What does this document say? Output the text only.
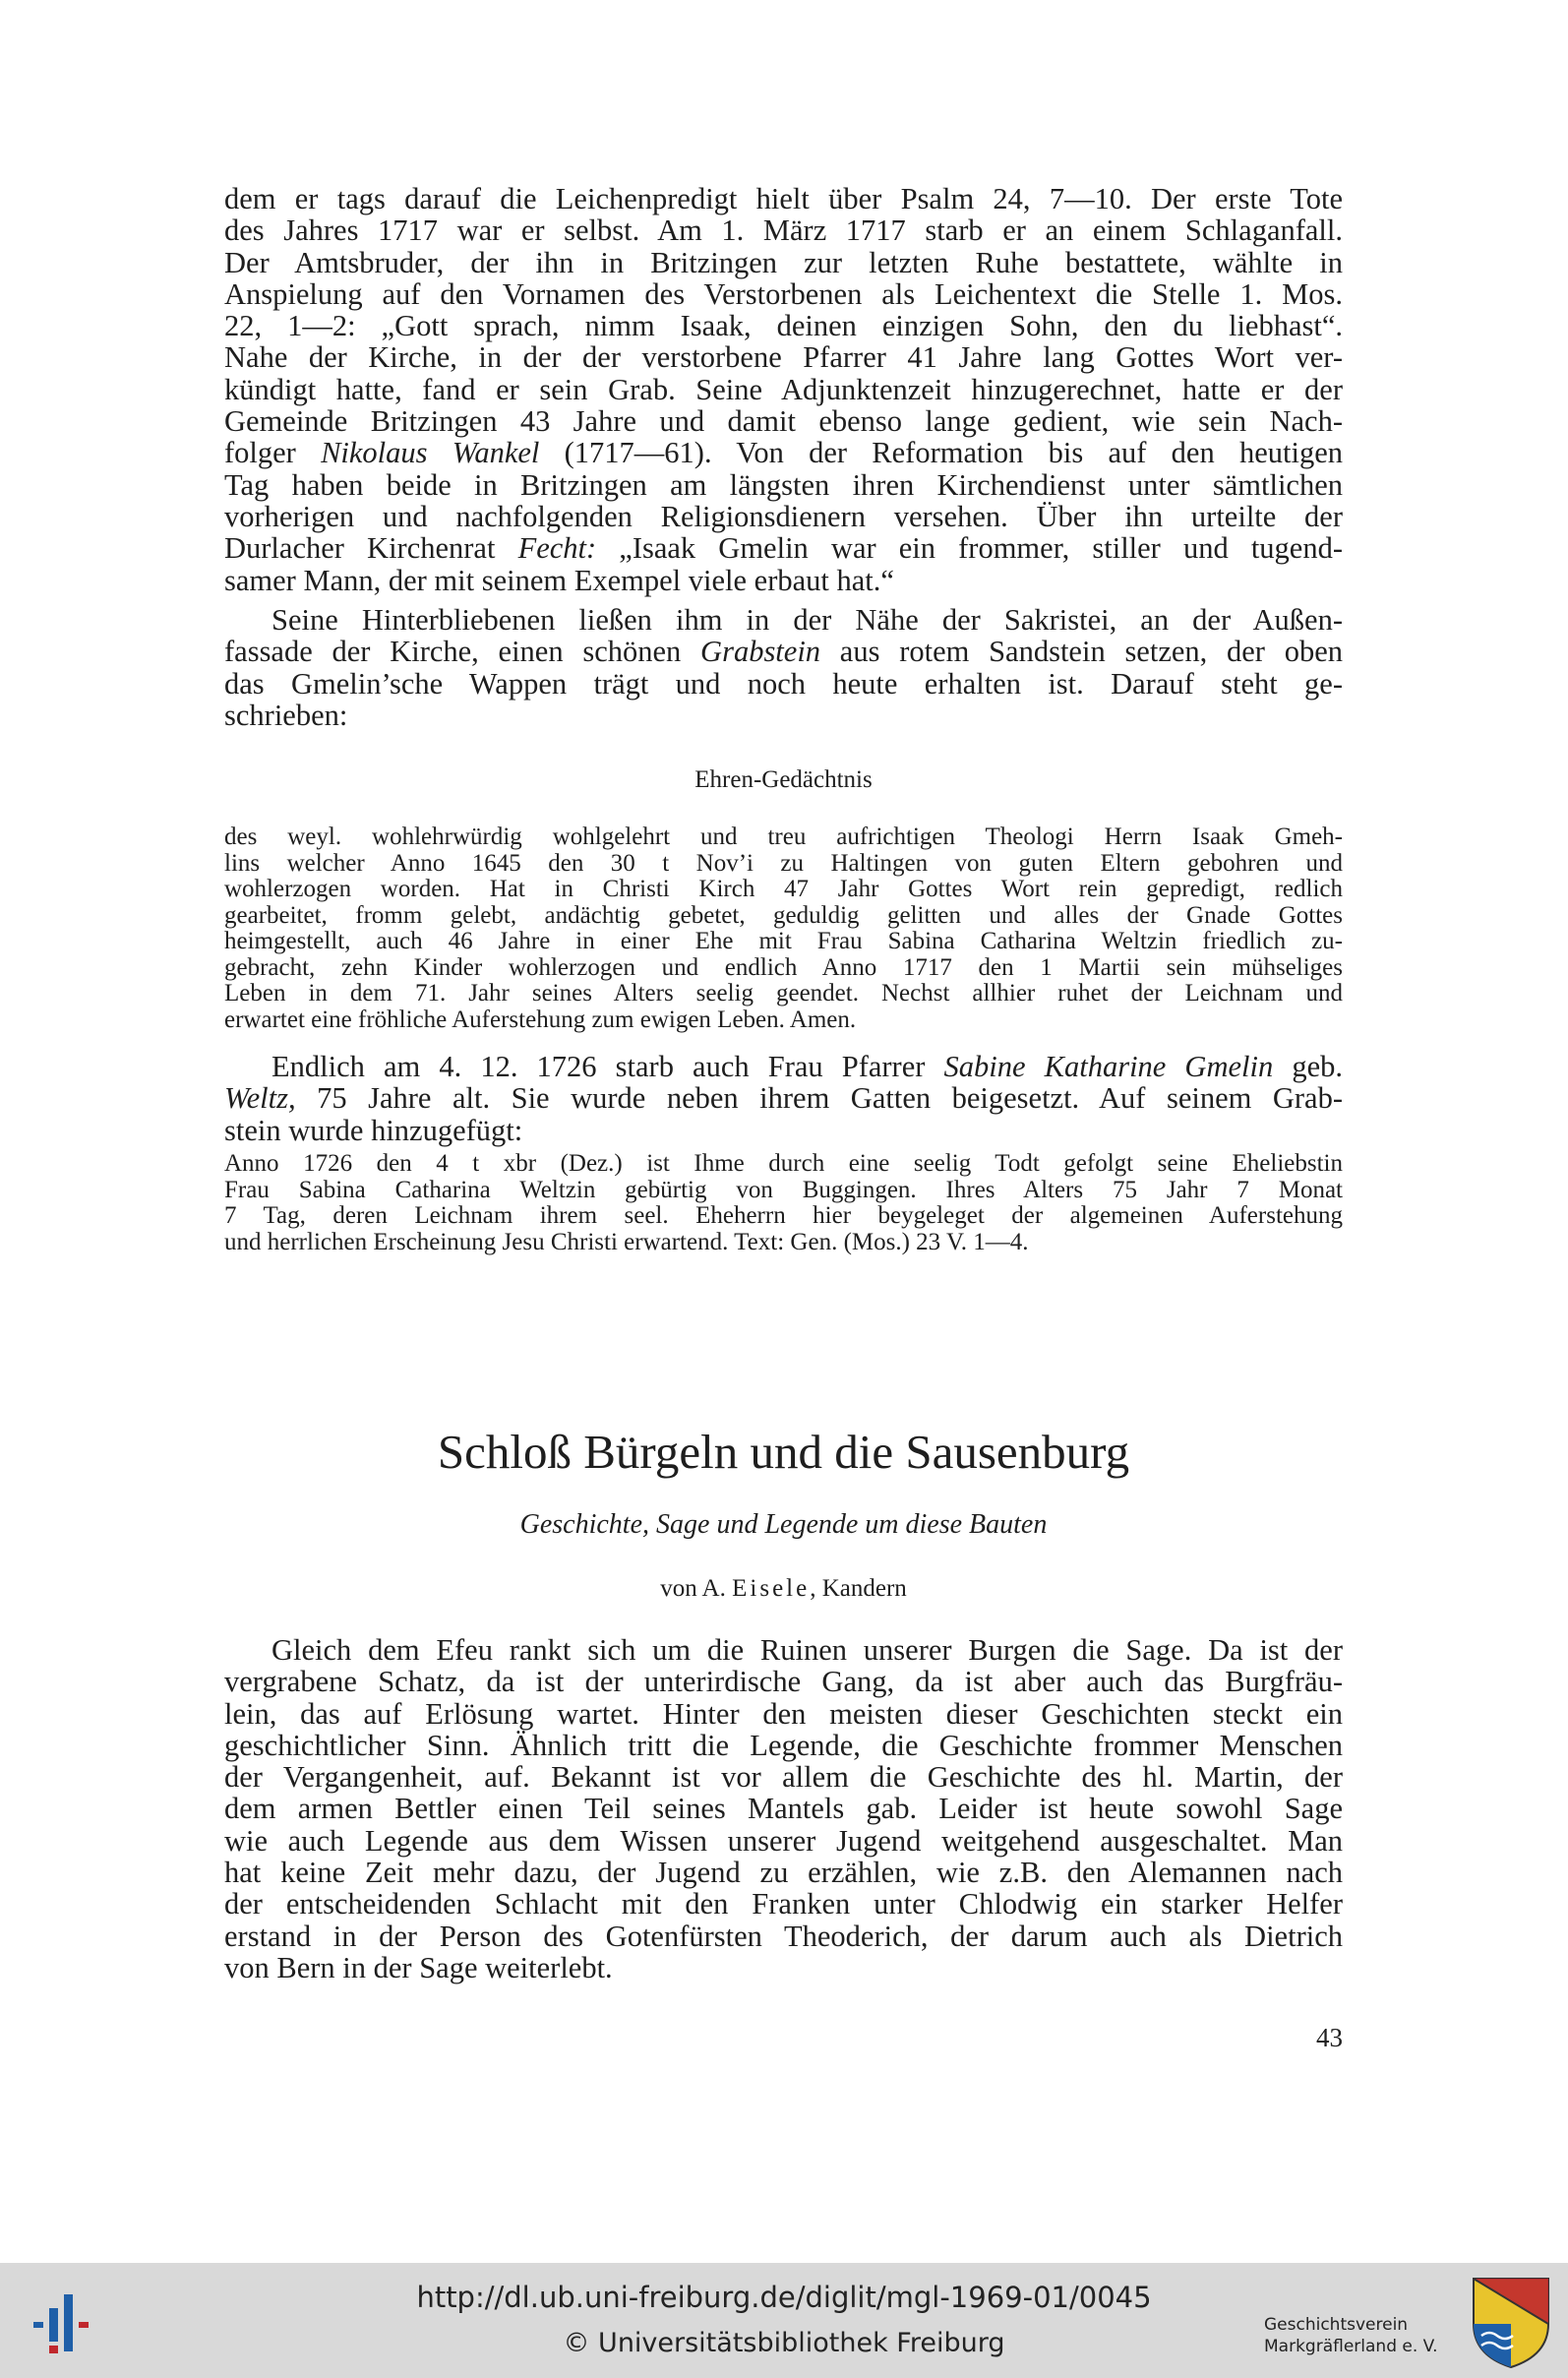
dem er tags darauf die Leichenpredigt hielt über Psalm 24, 7—10. Der erste Tote
des Jahres 1717 war er selbst. Am 1. März 1717 starb er an einem Schlaganfall.
Der Amtsbruder, der ihn in Britzingen zur letzten Ruhe bestattete, wählte in
Anspielung auf den Vornamen des Verstorbenen als Leichentext die Stelle 1. Mos.
22, 1—2: „Gott sprach, nimm Isaak, deinen einzigen Sohn, den du liebhast“.
Nahe der Kirche, in der der verstorbene Pfarrer 41 Jahre lang Gottes Wort ver-
kündigt hatte, fand er sein Grab. Seine Adjunktenzeit hinzugerechnet, hatte er der
Gemeinde Britzingen 43 Jahre und damit ebenso lange gedient, wie sein Nach-
folger Nikolaus Wankel (1717—61). Von der Reformation bis auf den heutigen
Tag haben beide in Britzingen am längsten ihren Kirchendienst unter sämtlichen
vorherigen und nachfolgenden Religionsdienern versehen. Über ihn urteilte der
Durlacher Kirchenrat Fecht: „Isaak Gmelin war ein frommer, stiller und tugend-
samer Mann, der mit seinem Exempel viele erbaut hat.“
Seine Hinterbliebenen ließen ihm in der Nähe der Sakristei, an der Außen-
fassade der Kirche, einen schönen Grabstein aus rotem Sandstein setzen, der oben
das Gmelin’sche Wappen trägt und noch heute erhalten ist. Darauf steht ge-
schrieben:
Ehren-Gedächtnis
des weyl. wohlehrwürdig wohlgelehrt und treu aufrichtigen Theologi Herrn Isaak Gmeh-
lins welcher Anno 1645 den 30 t Nov’i zu Haltingen von guten Eltern gebohren und
wohlerzogen worden. Hat in Christi Kirch 47 Jahr Gottes Wort rein gepredigt, redlich
gearbeitet, fromm gelebt, andächtig gebetet, geduldig gelitten und alles der Gnade Gottes
heimgestellt, auch 46 Jahre in einer Ehe mit Frau Sabina Catharina Weltzin friedlich zu-
gebracht, zehn Kinder wohlerzogen und endlich Anno 1717 den 1 Martii sein mühseliges
Leben in dem 71. Jahr seines Alters seelig geendet. Nechst allhier ruhet der Leichnam und
erwartet eine fröhliche Auferstehung zum ewigen Leben. Amen.
Endlich am 4. 12. 1726 starb auch Frau Pfarrer Sabine Katharine Gmelin geb.
Weltz, 75 Jahre alt. Sie wurde neben ihrem Gatten beigesetzt. Auf seinem Grab-
stein wurde hinzugefügt:
Anno 1726 den 4 t xbr (Dez.) ist Ihme durch eine seelig Todt gefolgt seine Eheliebstin
Frau Sabina Catharina Weltzin gebürtig von Buggingen. Ihres Alters 75 Jahr 7 Monat
7 Tag, deren Leichnam ihrem seel. Eheherrn hier beygeleget der algemeinen Auferstehung
und herrlichen Erscheinung Jesu Christi erwartend. Text: Gen. (Mos.) 23 V. 1—4.
Schloß Bürgeln und die Sausenburg
Geschichte, Sage und Legende um diese Bauten
von A. Eisele, Kandern
Gleich dem Efeu rankt sich um die Ruinen unserer Burgen die Sage. Da ist der
vergrabene Schatz, da ist der unterirdische Gang, da ist aber auch das Burgfräu-
lein, das auf Erlösung wartet. Hinter den meisten dieser Geschichten steckt ein
geschichtlicher Sinn. Ähnlich tritt die Legende, die Geschichte frommer Menschen
der Vergangenheit, auf. Bekannt ist vor allem die Geschichte des hl. Martin, der
dem armen Bettler einen Teil seines Mantels gab. Leider ist heute sowohl Sage
wie auch Legende aus dem Wissen unserer Jugend weitgehend ausgeschaltet. Man
hat keine Zeit mehr dazu, der Jugend zu erzählen, wie z.B. den Alemannen nach
der entscheidenden Schlacht mit den Franken unter Chlodwig ein starker Helfer
erstand in der Person des Gotenfürsten Theoderich, der darum auch als Dietrich
von Bern in der Sage weiterlebt.
43
http://dl.ub.uni-freiburg.de/diglit/mgl-1969-01/0045
© Universitätsbibliothek Freiburg
Geschichtsverein
Markgräflerland e. V.
